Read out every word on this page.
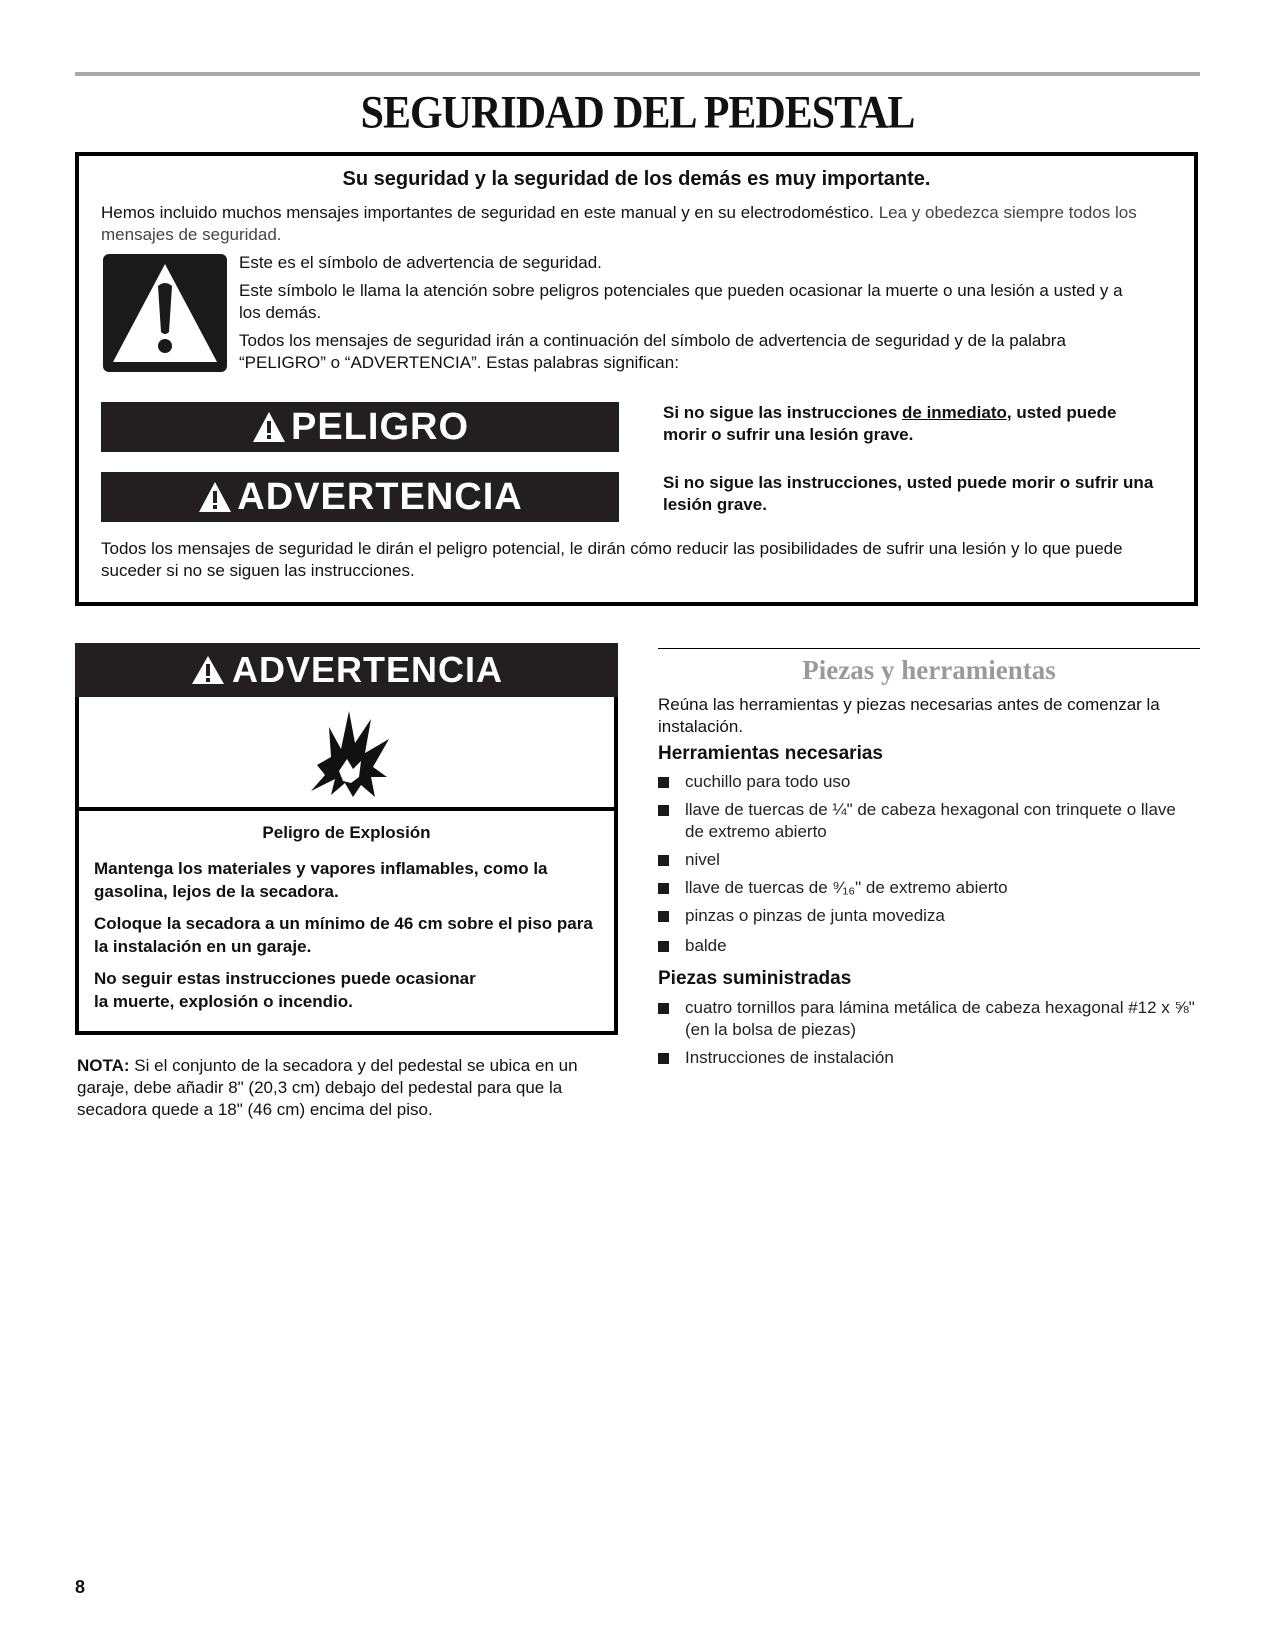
SEGURIDAD DEL PEDESTAL
Su seguridad y la seguridad de los demás es muy importante.
Hemos incluido muchos mensajes importantes de seguridad en este manual y en su electrodoméstico. Lea y obedezca siempre todos los mensajes de seguridad.
Este es el símbolo de advertencia de seguridad.
Este símbolo le llama la atención sobre peligros potenciales que pueden ocasionar la muerte o una lesión a usted y a los demás.
Todos los mensajes de seguridad irán a continuación del símbolo de advertencia de seguridad y de la palabra “PELIGRO” o “ADVERTENCIA”. Estas palabras significan:
PELIGRO	Si no sigue las instrucciones de inmediato, usted puede morir o sufrir una lesión grave.
ADVERTENCIA	Si no sigue las instrucciones, usted puede morir o sufrir una lesión grave.
Todos los mensajes de seguridad le dirán el peligro potencial, le dirán cómo reducir las posibilidades de sufrir una lesión y lo que puede suceder si no se siguen las instrucciones.
ADVERTENCIA
Peligro de Explosión
Mantenga los materiales y vapores inflamables, como la gasolina, lejos de la secadora.
Coloque la secadora a un mínimo de 46 cm sobre el piso para la instalación en un garaje.
No seguir estas instrucciones puede ocasionar
la muerte, explosión o incendio.
NOTA: Si el conjunto de la secadora y del pedestal se ubica en un garaje, debe añadir 8" (20,3 cm) debajo del pedestal para que la secadora quede a 18" (46 cm) encima del piso.
Piezas y herramientas
Reúna las herramientas y piezas necesarias antes de comenzar la instalación.
Herramientas necesarias
cuchillo para todo uso
llave de tuercas de ¼" de cabeza hexagonal con trinquete o llave de extremo abierto
nivel
llave de tuercas de ⁹⁄₁₆" de extremo abierto
pinzas o pinzas de junta movediza
balde
Piezas suministradas
cuatro tornillos para lámina metálica de cabeza hexagonal #12 x ⅝" (en la bolsa de piezas)
Instrucciones de instalación
8
